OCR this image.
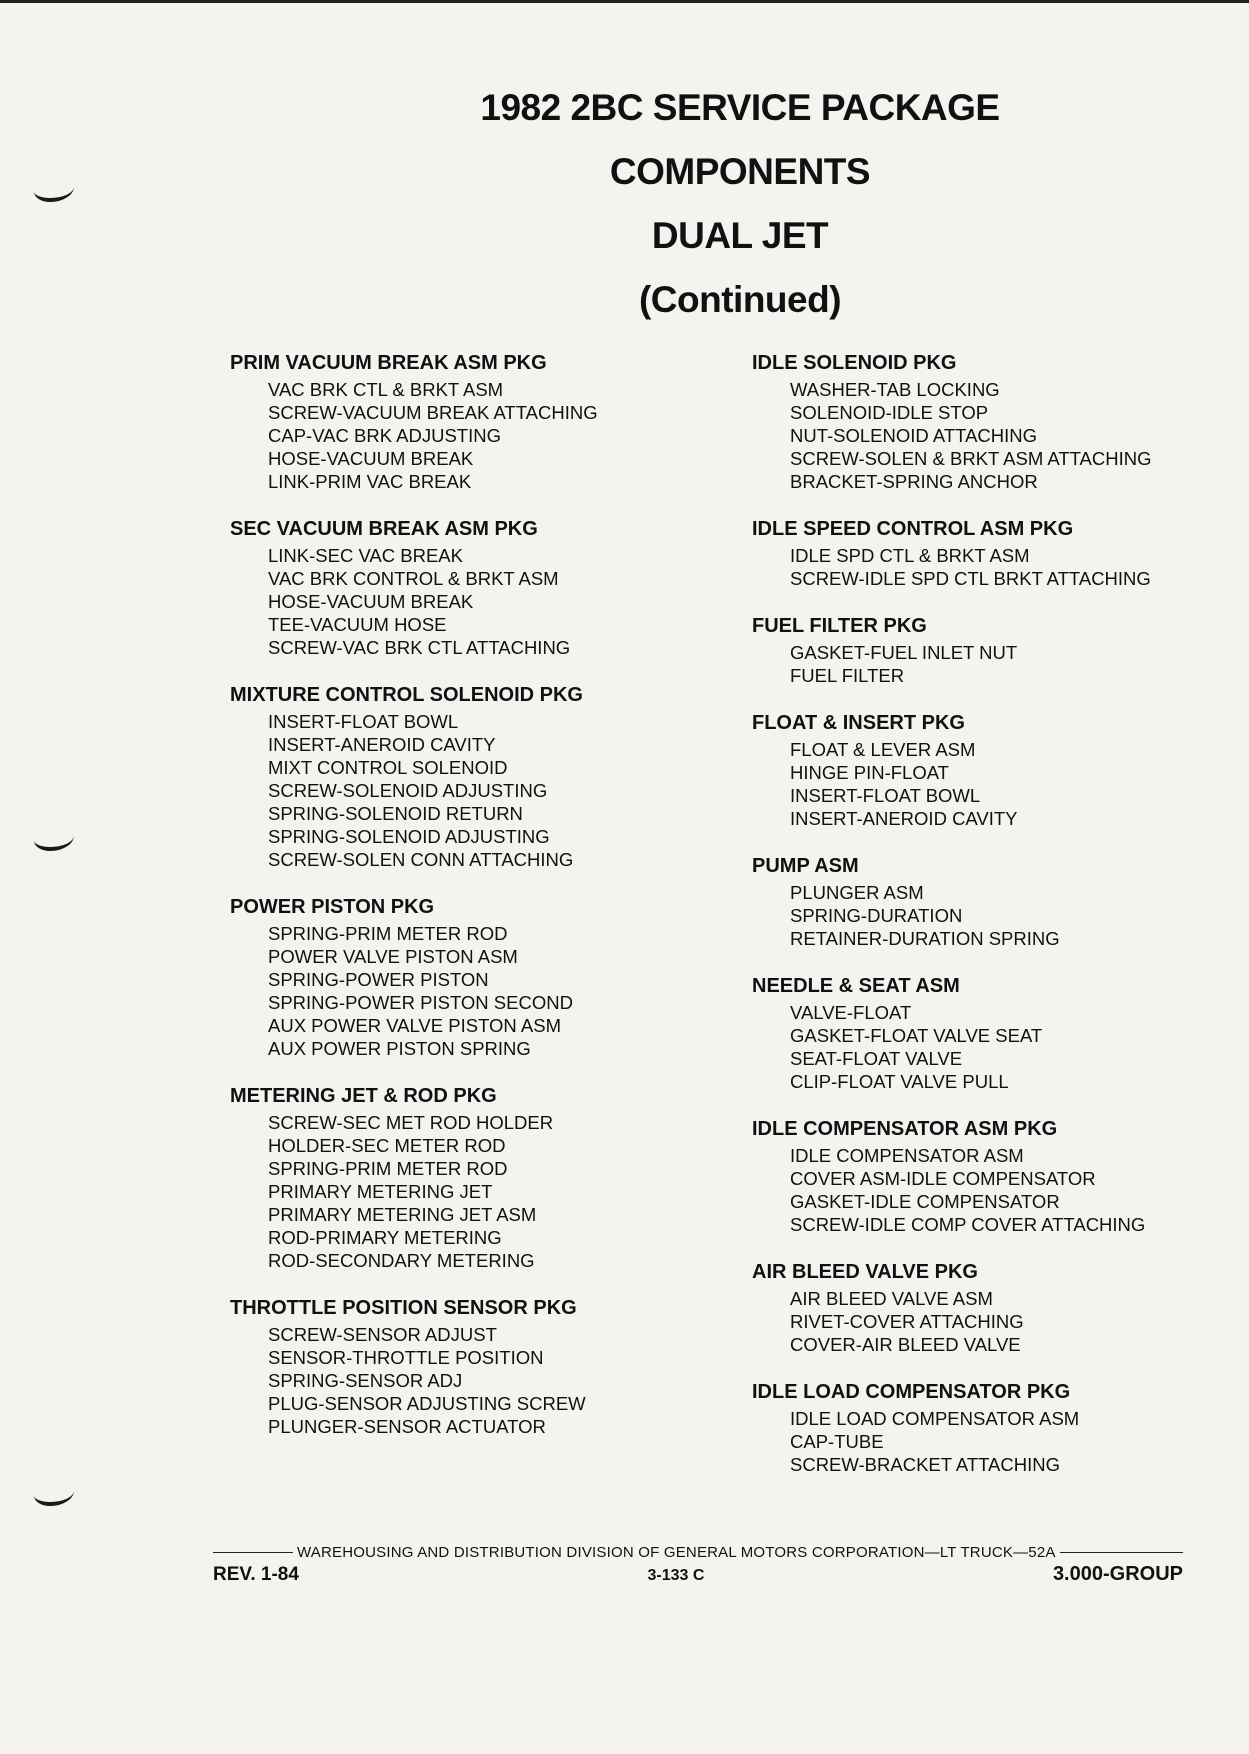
1982 2BC SERVICE PACKAGE
COMPONENTS
DUAL JET
(Continued)
PRIM VACUUM BREAK ASM PKG
VAC BRK CTL & BRKT ASM
SCREW-VACUUM BREAK ATTACHING
CAP-VAC BRK ADJUSTING
HOSE-VACUUM BREAK
LINK-PRIM VAC BREAK
SEC VACUUM BREAK ASM PKG
LINK-SEC VAC BREAK
VAC BRK CONTROL & BRKT ASM
HOSE-VACUUM BREAK
TEE-VACUUM HOSE
SCREW-VAC BRK CTL ATTACHING
MIXTURE CONTROL SOLENOID PKG
INSERT-FLOAT BOWL
INSERT-ANEROID CAVITY
MIXT CONTROL SOLENOID
SCREW-SOLENOID ADJUSTING
SPRING-SOLENOID RETURN
SPRING-SOLENOID ADJUSTING
SCREW-SOLEN CONN ATTACHING
POWER PISTON PKG
SPRING-PRIM METER ROD
POWER VALVE PISTON ASM
SPRING-POWER PISTON
SPRING-POWER PISTON SECOND
AUX POWER VALVE PISTON ASM
AUX POWER PISTON SPRING
METERING JET & ROD PKG
SCREW-SEC MET ROD HOLDER
HOLDER-SEC METER ROD
SPRING-PRIM METER ROD
PRIMARY METERING JET
PRIMARY METERING JET ASM
ROD-PRIMARY METERING
ROD-SECONDARY METERING
THROTTLE POSITION SENSOR PKG
SCREW-SENSOR ADJUST
SENSOR-THROTTLE POSITION
SPRING-SENSOR ADJ
PLUG-SENSOR ADJUSTING SCREW
PLUNGER-SENSOR ACTUATOR
IDLE SOLENOID PKG
WASHER-TAB LOCKING
SOLENOID-IDLE STOP
NUT-SOLENOID ATTACHING
SCREW-SOLEN & BRKT ASM ATTACHING
BRACKET-SPRING ANCHOR
IDLE SPEED CONTROL ASM PKG
IDLE SPD CTL & BRKT ASM
SCREW-IDLE SPD CTL BRKT ATTACHING
FUEL FILTER PKG
GASKET-FUEL INLET NUT
FUEL FILTER
FLOAT & INSERT PKG
FLOAT & LEVER ASM
HINGE PIN-FLOAT
INSERT-FLOAT BOWL
INSERT-ANEROID CAVITY
PUMP ASM
PLUNGER ASM
SPRING-DURATION
RETAINER-DURATION SPRING
NEEDLE & SEAT ASM
VALVE-FLOAT
GASKET-FLOAT VALVE SEAT
SEAT-FLOAT VALVE
CLIP-FLOAT VALVE PULL
IDLE COMPENSATOR ASM PKG
IDLE COMPENSATOR ASM
COVER ASM-IDLE COMPENSATOR
GASKET-IDLE COMPENSATOR
SCREW-IDLE COMP COVER ATTACHING
AIR BLEED VALVE PKG
AIR BLEED VALVE ASM
RIVET-COVER ATTACHING
COVER-AIR BLEED VALVE
IDLE LOAD COMPENSATOR PKG
IDLE LOAD COMPENSATOR ASM
CAP-TUBE
SCREW-BRACKET ATTACHING
WAREHOUSING AND DISTRIBUTION DIVISION OF GENERAL MOTORS CORPORATION—LT TRUCK—52A
REV. 1-84	3-133 C	3.000-GROUP
